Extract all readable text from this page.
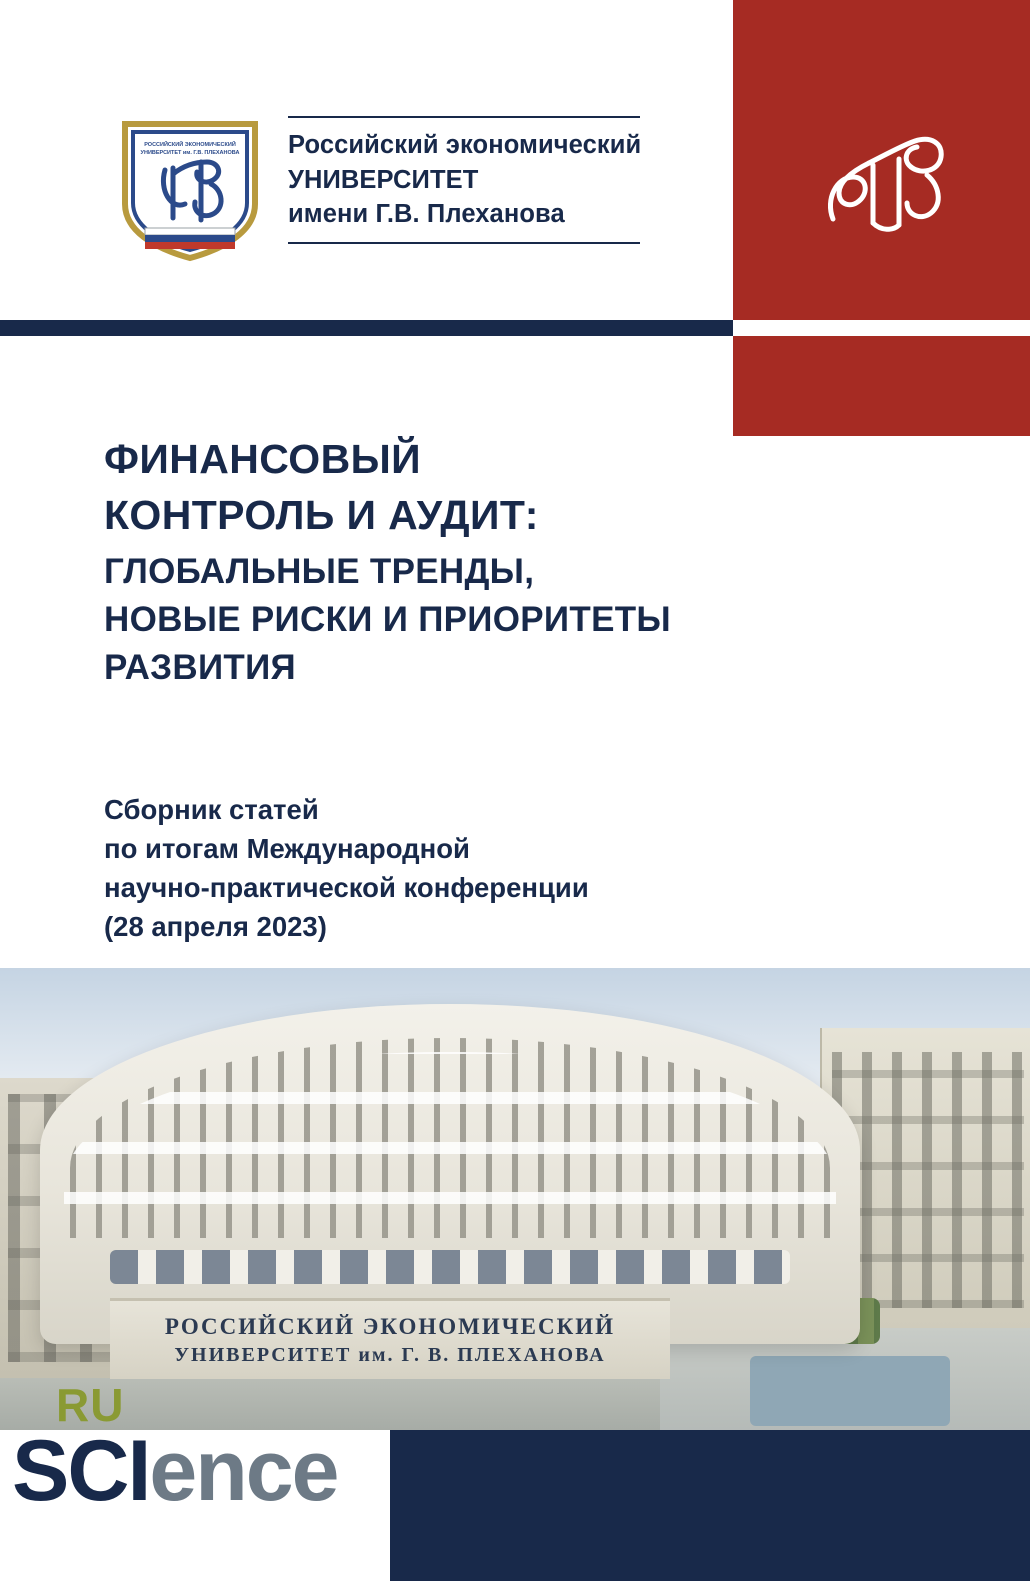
РОССИЙСКИЙ ЭКОНОМИЧЕСКИЙ
УНИВЕРСИТЕТ им. Г.В. ПЛЕХАНОВА Российский экономический
УНИВЕРСИТЕТ
имени Г.В. Плеханова
ФИНАНСОВЫЙ
КОНТРОЛЬ И АУДИТ:
ГЛОБАЛЬНЫЕ ТРЕНДЫ,
НОВЫЕ РИСКИ И ПРИОРИТЕТЫ
РАЗВИТИЯ
Сборник статей
по итогам Международной
научно-практической конференции
(28 апреля 2023)
РОССИЙСКИЙ ЭКОНОМИЧЕСКИЙ
УНИВЕРСИТЕТ им. Г. В. ПЛЕХАНОВА
RU
SCIence
RUS-SCIENCE.RU
